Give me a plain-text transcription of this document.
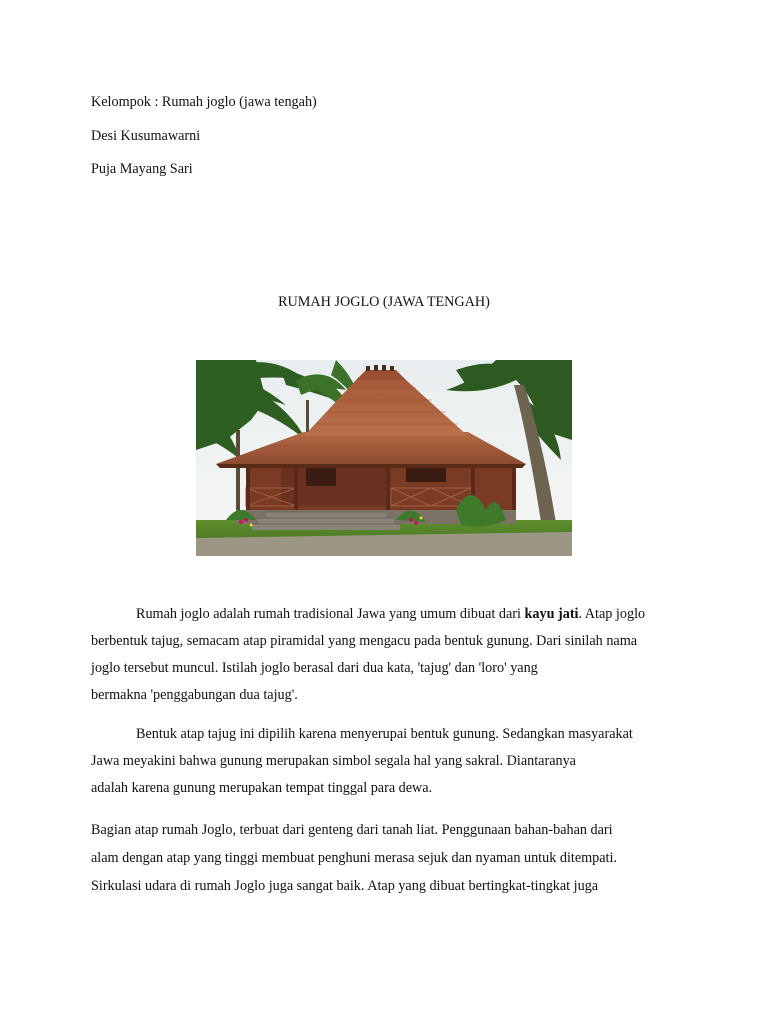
Kelompok : Rumah joglo (jawa tengah)
Desi Kusumawarni
Puja Mayang Sari
RUMAH JOGLO (JAWA TENGAH)
Rumah joglo adalah rumah tradisional Jawa yang umum dibuat dari kayu jati. Atap joglo
berbentuk tajug, semacam atap piramidal yang mengacu pada bentuk gunung. Dari sinilah nama
joglo tersebut muncul. Istilah joglo berasal dari dua kata, 'tajug' dan 'loro' yang
bermakna 'penggabungan dua tajug'.
Bentuk atap tajug ini dipilih karena menyerupai bentuk gunung. Sedangkan masyarakat
Jawa meyakini bahwa gunung merupakan simbol segala hal yang sakral. Diantaranya
adalah karena gunung merupakan tempat tinggal para dewa.
Bagian atap rumah Joglo, terbuat dari genteng dari tanah liat. Penggunaan bahan-bahan dari
alam dengan atap yang tinggi membuat penghuni merasa sejuk dan nyaman untuk ditempati.
Sirkulasi udara di rumah Joglo juga sangat baik. Atap yang dibuat bertingkat-tingkat juga
